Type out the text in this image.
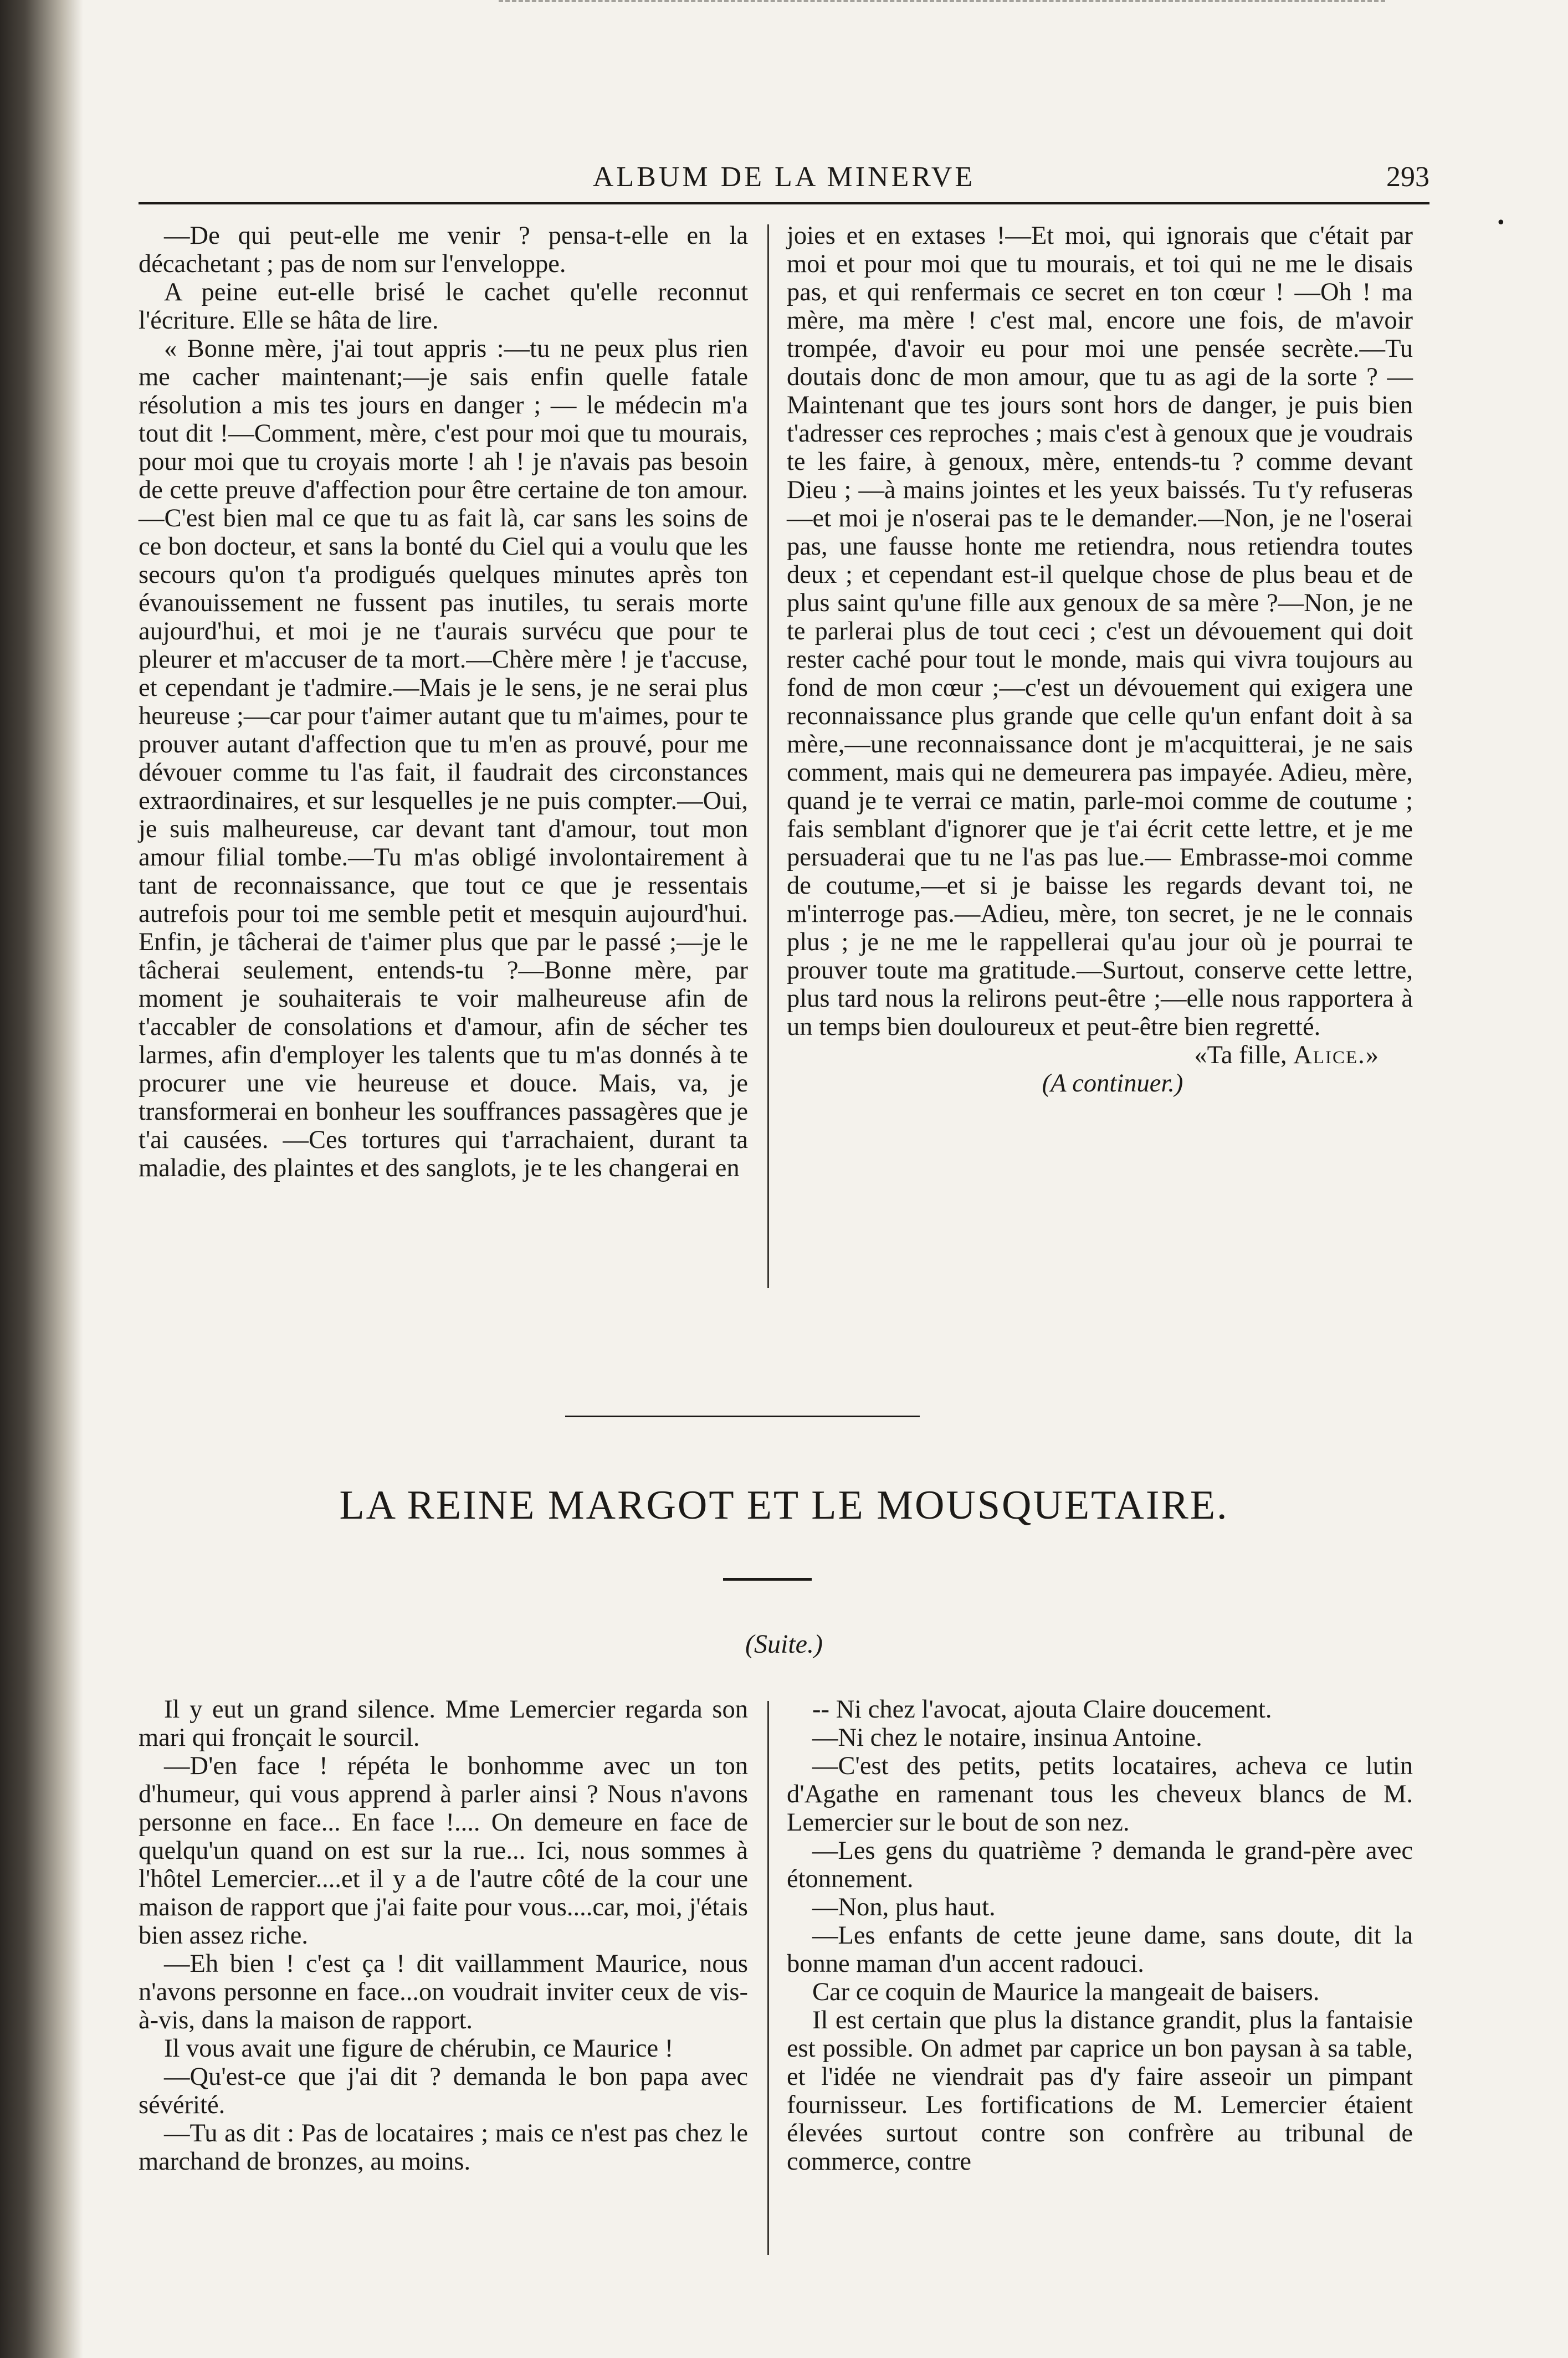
ALBUM DE LA MINERVE	293
•

—De qui peut-elle me venir ? pensa-t-elle en la décachetant ; pas de nom sur l'enveloppe.

A peine eut-elle brisé le cachet qu'elle reconnut l'écriture. Elle se hâta de lire.

« Bonne mère, j'ai tout appris :—tu ne peux plus rien me cacher maintenant;—je sais enfin quelle fatale résolution a mis tes jours en danger ; — le médecin m'a tout dit !—Comment, mère, c'est pour moi que tu mourais, pour moi que tu croyais morte ! ah ! je n'avais pas besoin de cette preuve d'affection pour être certaine de ton amour.—C'est bien mal ce que tu as fait là, car sans les soins de ce bon docteur, et sans la bonté du Ciel qui a voulu que les secours qu'on t'a prodigués quelques minutes après ton évanouissement ne fussent pas inutiles, tu serais morte aujourd'hui, et moi je ne t'aurais survécu que pour te pleurer et m'accuser de ta mort.—Chère mère ! je t'accuse, et cependant je t'admire.—Mais je le sens, je ne serai plus heureuse ;—car pour t'aimer autant que tu m'aimes, pour te prouver autant d'affection que tu m'en as prouvé, pour me dévouer comme tu l'as fait, il faudrait des circonstances extraordinaires, et sur lesquelles je ne puis compter.—Oui, je suis malheureuse, car devant tant d'amour, tout mon amour filial tombe.—Tu m'as obligé involontairement à tant de reconnaissance, que tout ce que je ressentais autrefois pour toi me semble petit et mesquin aujourd'hui. Enfin, je tâcherai de t'aimer plus que par le passé ;—je le tâcherai seulement, entends-tu ?—Bonne mère, par moment je souhaiterais te voir malheureuse afin de t'accabler de consolations et d'amour, afin de sécher tes larmes, afin d'employer les talents que tu m'as donnés à te procurer une vie heureuse et douce. Mais, va, je transformerai en bonheur les souffrances passagères que je t'ai causées. —Ces tortures qui t'arrachaient, durant ta maladie, des plaintes et des sanglots, je te les changerai en

joies et en extases !—Et moi, qui ignorais que c'était par moi et pour moi que tu mourais, et toi qui ne me le disais pas, et qui renfermais ce secret en ton cœur ! —Oh ! ma mère, ma mère ! c'est mal, encore une fois, de m'avoir trompée, d'avoir eu pour moi une pensée secrète.—Tu doutais donc de mon amour, que tu as agi de la sorte ? — Maintenant que tes jours sont hors de danger, je puis bien t'adresser ces reproches ; mais c'est à genoux que je voudrais te les faire, à genoux, mère, entends-tu ? comme devant Dieu ; —à mains jointes et les yeux baissés. Tu t'y refuseras—et moi je n'oserai pas te le demander.—Non, je ne l'oserai pas, une fausse honte me retiendra, nous retiendra toutes deux ; et cependant est-il quelque chose de plus beau et de plus saint qu'une fille aux genoux de sa mère ?—Non, je ne te parlerai plus de tout ceci ; c'est un dévouement qui doit rester caché pour tout le monde, mais qui vivra toujours au fond de mon cœur ;—c'est un dévouement qui exigera une reconnaissance plus grande que celle qu'un enfant doit à sa mère,—une reconnaissance dont je m'acquitterai, je ne sais comment, mais qui ne demeurera pas impayée. Adieu, mère, quand je te verrai ce matin, parle-moi comme de coutume ; fais semblant d'ignorer que je t'ai écrit cette lettre, et je me persuaderai que tu ne l'as pas lue.— Embrasse-moi comme de coutume,—et si je baisse les regards devant toi, ne m'interroge pas.—Adieu, mère, ton secret, je ne le connais plus ; je ne me le rappellerai qu'au jour où je pourrai te prouver toute ma gratitude.—Surtout, conserve cette lettre, plus tard nous la relirons peut-être ;—elle nous rapportera à un temps bien douloureux et peut-être bien regretté.

«Ta fille, Alice.»

(A continuer.)

LA REINE MARGOT ET LE MOUSQUETAIRE.
(Suite.)

Il y eut un grand silence. Mme Lemercier regarda son mari qui fronçait le sourcil.

—D'en face ! répéta le bonhomme avec un ton d'humeur, qui vous apprend à parler ainsi ? Nous n'avons personne en face... En face !.... On demeure en face de quelqu'un quand on est sur la rue... Ici, nous sommes à l'hôtel Lemercier....et il y a de l'autre côté de la cour une maison de rapport que j'ai faite pour vous....car, moi, j'étais bien assez riche.

—Eh bien ! c'est ça ! dit vaillamment Maurice, nous n'avons personne en face...on voudrait inviter ceux de vis-à-vis, dans la maison de rapport.

Il vous avait une figure de chérubin, ce Maurice !

—Qu'est-ce que j'ai dit ? demanda le bon papa avec sévérité.

—Tu as dit : Pas de locataires ; mais ce n'est pas chez le marchand de bronzes, au moins.

-- Ni chez l'avocat, ajouta Claire doucement.

—Ni chez le notaire, insinua Antoine.

—C'est des petits, petits locataires, acheva ce lutin d'Agathe en ramenant tous les cheveux blancs de M. Lemercier sur le bout de son nez.

—Les gens du quatrième ? demanda le grand-père avec étonnement.

—Non, plus haut.

—Les enfants de cette jeune dame, sans doute, dit la bonne maman d'un accent radouci.

Car ce coquin de Maurice la mangeait de baisers.

Il est certain que plus la distance grandit, plus la fantaisie est possible. On admet par caprice un bon paysan à sa table, et l'idée ne viendrait pas d'y faire asseoir un pimpant fournisseur. Les fortifications de M. Lemercier étaient élevées surtout contre son confrère au tribunal de commerce, contre
